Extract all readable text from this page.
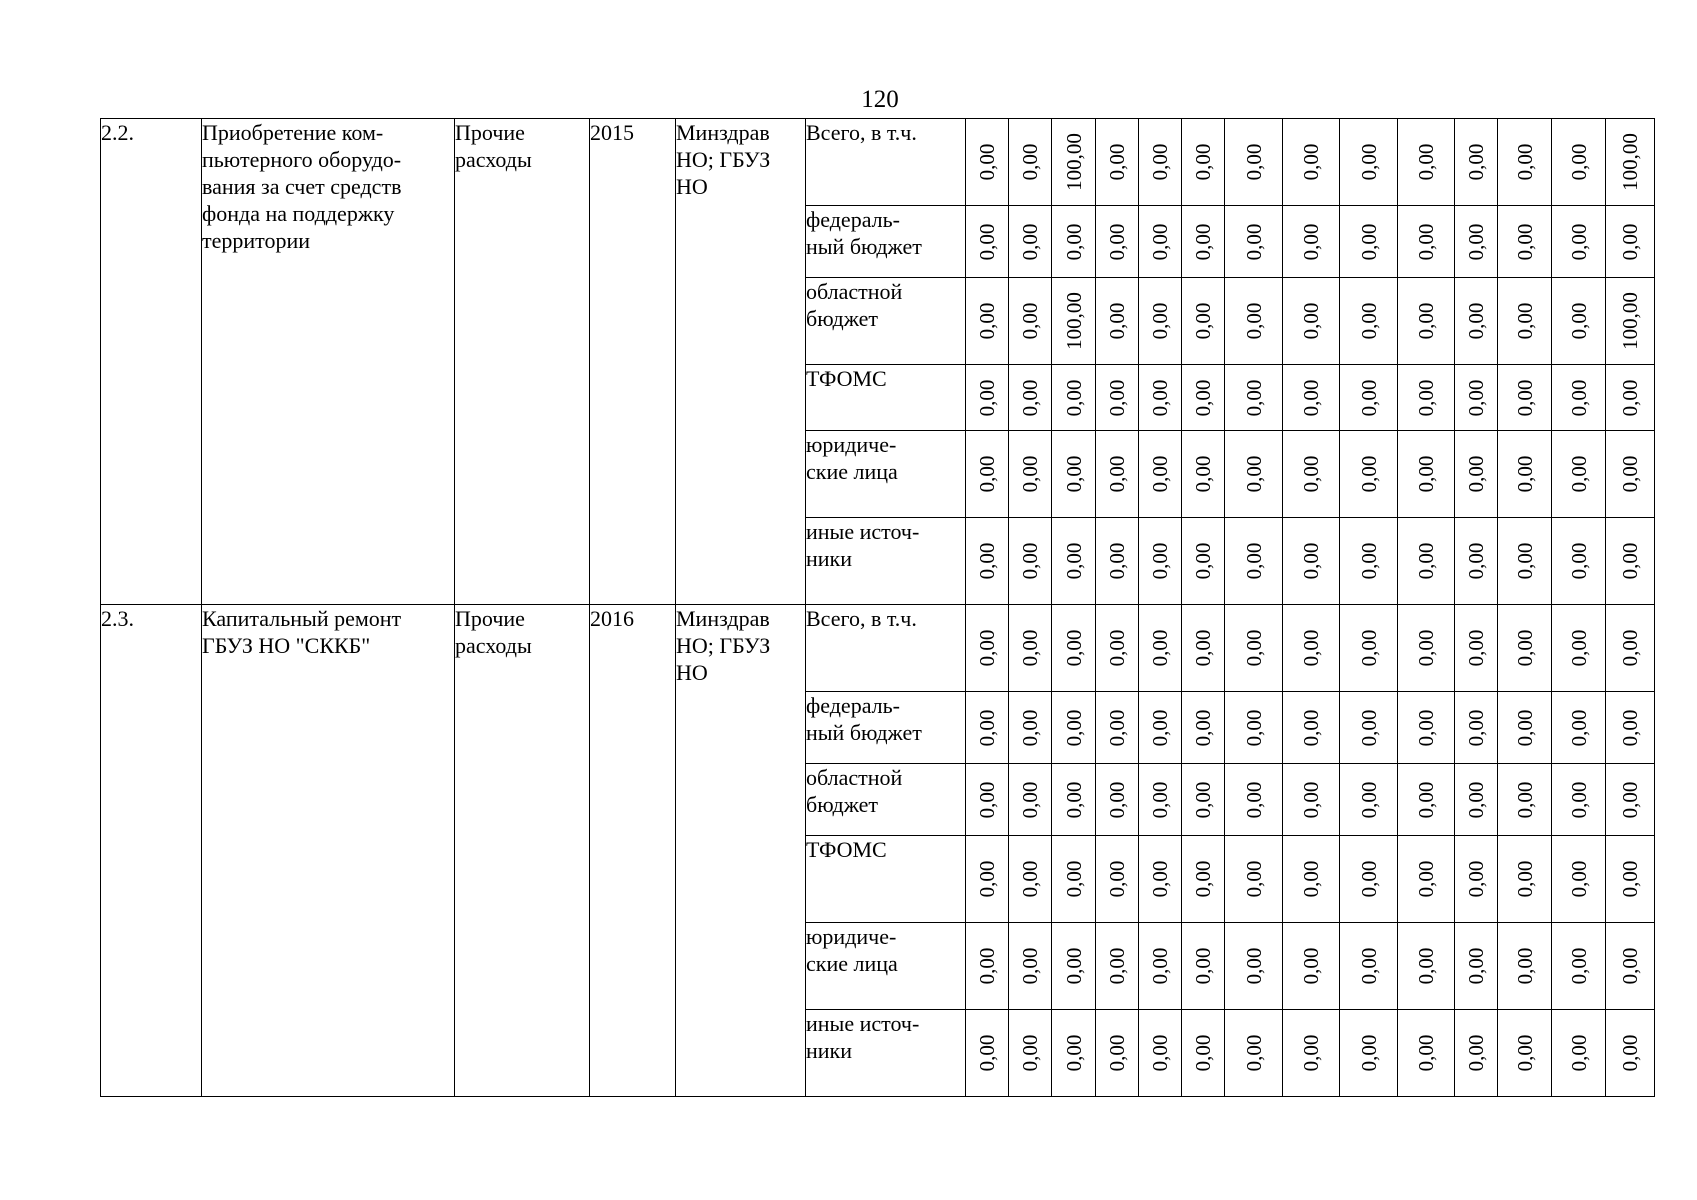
120
2.2.	Приобретение ком-
пьютерного оборудо-
вания за счет средств
фонда на поддержку
территории	Прочие
расходы	2015	Минздрав
НО; ГБУЗ
НО	Всего, в т.ч.	0,00	0,00	100,00	0,00	0,00	0,00	0,00	0,00	0,00	0,00	0,00	0,00	0,00	100,00

					федераль-
ный бюджет	0,00	0,00	0,00	0,00	0,00	0,00	0,00	0,00	0,00	0,00	0,00	0,00	0,00	0,00

					областной
бюджет	0,00	0,00	100,00	0,00	0,00	0,00	0,00	0,00	0,00	0,00	0,00	0,00	0,00	100,00

					ТФОМС	0,00	0,00	0,00	0,00	0,00	0,00	0,00	0,00	0,00	0,00	0,00	0,00	0,00	0,00

					юридиче-
ские лица	0,00	0,00	0,00	0,00	0,00	0,00	0,00	0,00	0,00	0,00	0,00	0,00	0,00	0,00

					иные источ-
ники	0,00	0,00	0,00	0,00	0,00	0,00	0,00	0,00	0,00	0,00	0,00	0,00	0,00	0,00

2.3.	Капитальный ремонт
ГБУЗ НО "СККБ"	Прочие
расходы	2016	Минздрав
НО; ГБУЗ
НО	Всего, в т.ч.	0,00	0,00	0,00	0,00	0,00	0,00	0,00	0,00	0,00	0,00	0,00	0,00	0,00	0,00

					федераль-
ный бюджет	0,00	0,00	0,00	0,00	0,00	0,00	0,00	0,00	0,00	0,00	0,00	0,00	0,00	0,00

					областной
бюджет	0,00	0,00	0,00	0,00	0,00	0,00	0,00	0,00	0,00	0,00	0,00	0,00	0,00	0,00

					ТФОМС	0,00	0,00	0,00	0,00	0,00	0,00	0,00	0,00	0,00	0,00	0,00	0,00	0,00	0,00

					юридиче-
ские лица	0,00	0,00	0,00	0,00	0,00	0,00	0,00	0,00	0,00	0,00	0,00	0,00	0,00	0,00

					иные источ-
ники	0,00	0,00	0,00	0,00	0,00	0,00	0,00	0,00	0,00	0,00	0,00	0,00	0,00	0,00
